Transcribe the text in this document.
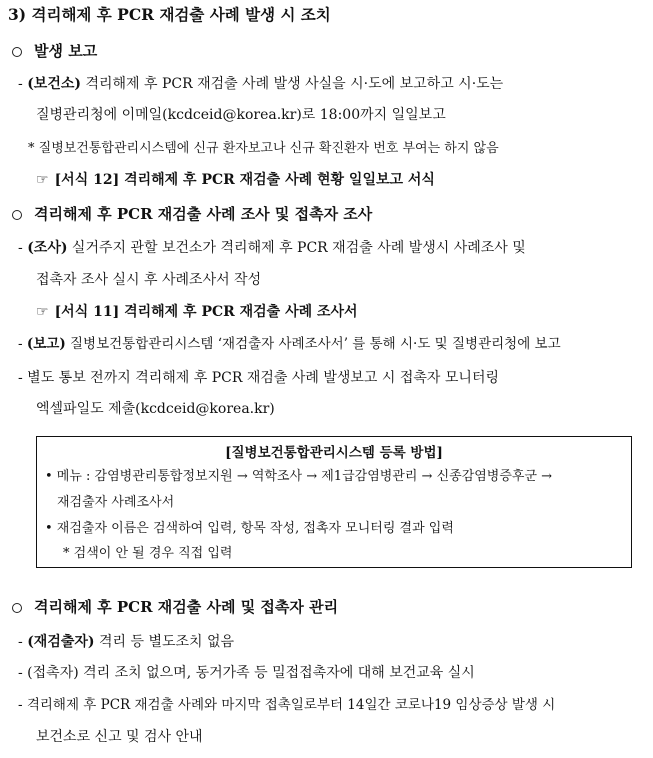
3) 격리해제 후 PCR 재검출 사례 발생 시 조치
발생 보고
- (보건소) 격리해제 후 PCR 재검출 사례 발생 사실을 시·도에 보고하고 시·도는
질병관리청에 이메일(kcdceid@korea.kr)로 18:00까지 일일보고
* 질병보건통합관리시스템에 신규 환자보고나 신규 확진환자 번호 부여는 하지 않음
☞ [서식 12] 격리해제 후 PCR 재검출 사례 현황 일일보고 서식
격리해제 후 PCR 재검출 사례 조사 및 접촉자 조사
- (조사) 실거주지 관할 보건소가 격리해제 후 PCR 재검출 사례 발생시 사례조사 및
접촉자 조사 실시 후 사례조사서 작성
☞ [서식 11] 격리해제 후 PCR 재검출 사례 조사서
- (보고) 질병보건통합관리시스템 ‘재검출자 사례조사서’ 를 통해 시·도 및 질병관리청에 보고
- 별도 통보 전까지 격리해제 후 PCR 재검출 사례 발생보고 시 접촉자 모니터링
엑셀파일도 제출(kcdceid@korea.kr)
[질병보건통합관리시스템 등록 방법]
• 메뉴 : 감염병관리통합정보지원 → 역학조사 → 제1급감염병관리 → 신종감염병증후군 →
재검출자 사례조사서
• 재검출자 이름은 검색하여 입력, 항목 작성, 접촉자 모니터링 결과 입력
* 검색이 안 될 경우 직접 입력
격리해제 후 PCR 재검출 사례 및 접촉자 관리
- (재검출자) 격리 등 별도조치 없음
- (접촉자) 격리 조치 없으며, 동거가족 등 밀접접촉자에 대해 보건교육 실시
- 격리해제 후 PCR 재검출 사례와 마지막 접촉일로부터 14일간 코로나19 임상증상 발생 시
보건소로 신고 및 검사 안내
